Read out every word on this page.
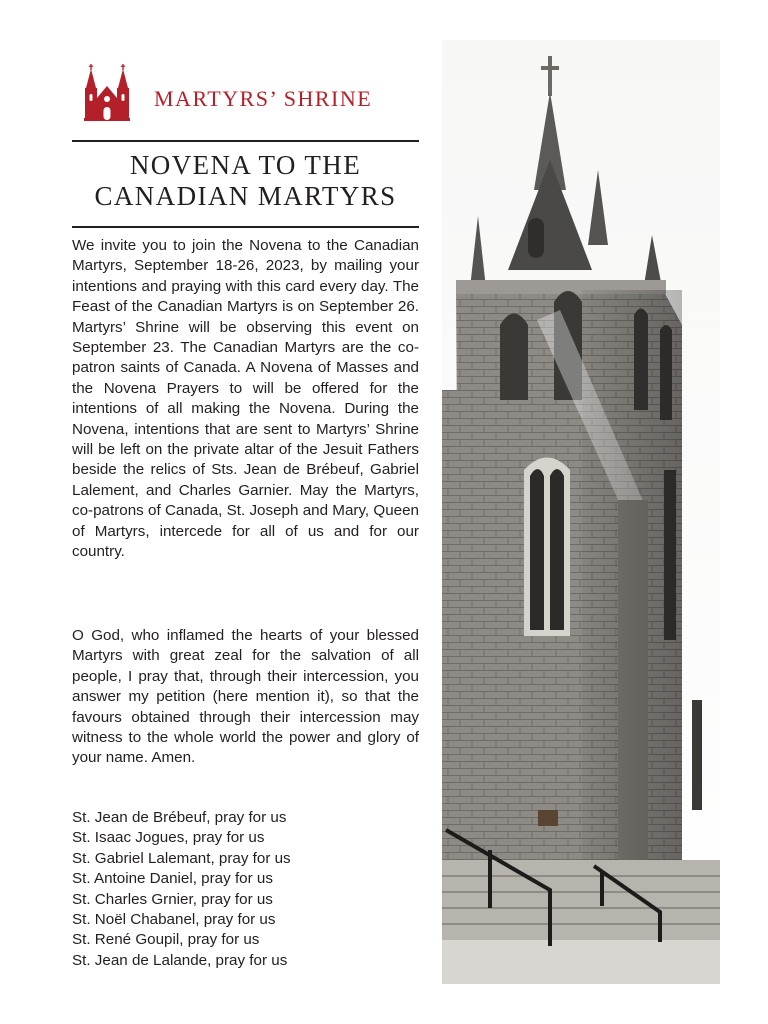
MARTYRS’ SHRINE
NOVENA TO THE
CANADIAN MARTYRS

We invite you to join the Novena to the Canadian Martyrs, September 18-26, 2023, by mailing your intentions and praying with this card every day. The Feast of the Canadian Martyrs is on September 26. Martyrs’ Shrine will be observing this event on September 23. The Canadian Martyrs are the co-patron saints of Canada. A Novena of Masses and the Novena Prayers to will be offered for the intentions of all making the Novena. During the Novena, intentions that are sent to Martyrs’ Shrine will be left on the private altar of the Jesuit Fathers beside the relics of Sts. Jean de Brébeuf, Gabriel Lalement, and Charles Garnier. May the Martyrs, co-patrons of Canada, St. Joseph and Mary, Queen of Martyrs, intercede for all of us and for our country.

O God, who inflamed the hearts of your blessed Martyrs with great zeal for the salvation of all people, I pray that, through their intercession, you answer my petition (here mention it), so that the favours obtained through their intercession may witness to the whole world the power and glory of your name. Amen.

St. Jean de Brébeuf, pray for us
St. Isaac Jogues, pray for us
St. Gabriel Lalemant, pray for us
St. Antoine Daniel, pray for us
St. Charles Grnier, pray for us
St. Noël Chabanel, pray for us
St. René Goupil, pray for us
St. Jean de Lalande, pray for us
